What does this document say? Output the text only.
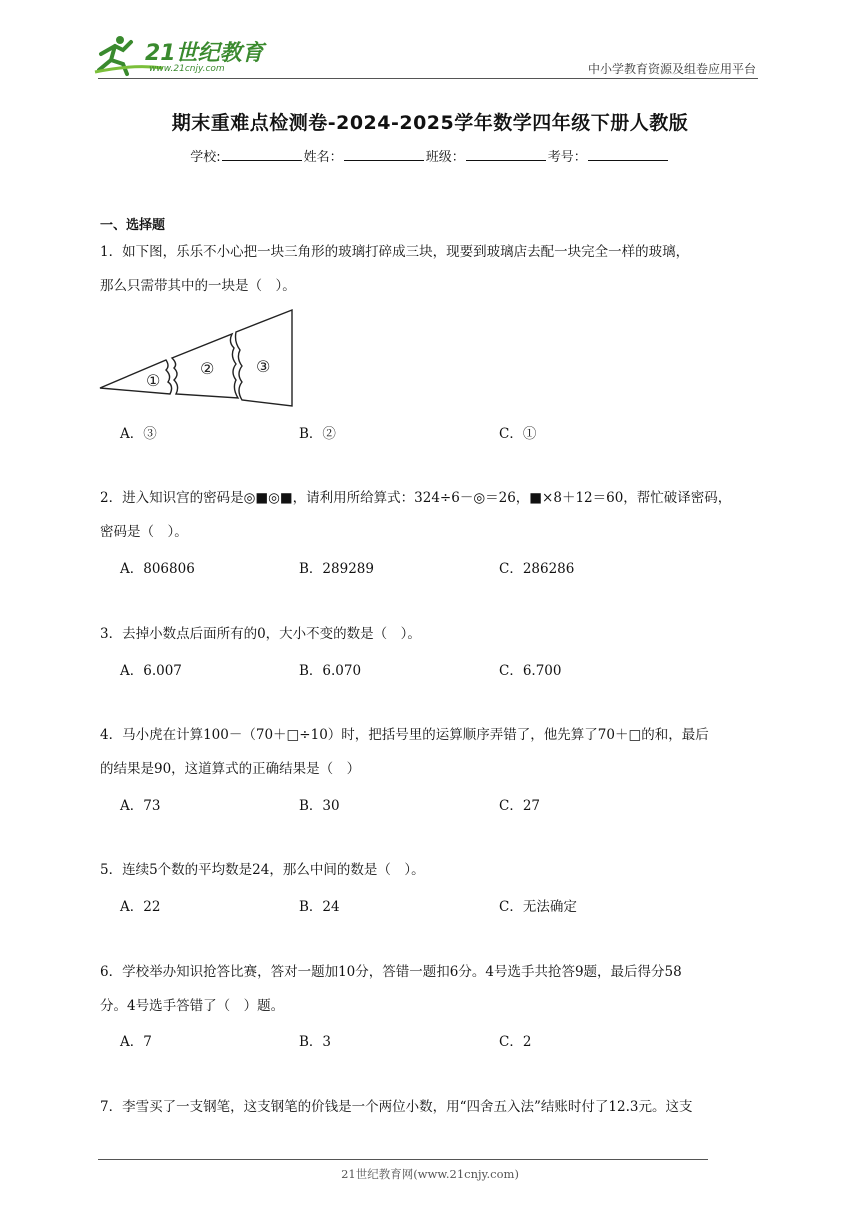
21世纪教育
www.21cnjy.com	中小学教育资源及组卷应用平台
期末重难点检测卷-2024-2025学年数学四年级下册人教版
学校:	姓名：	班级：	考号：
一、选择题
1．如下图，乐乐不小心把一块三角形的玻璃打碎成三块，现要到玻璃店去配一块完全一样的玻璃，
那么只需带其中的一块是（　）。
①
②	③
A．③	B．②	C．①
2．进入知识宫的密码是◎■◎■，请利用所给算式：324÷6－◎＝26，■×8＋12＝60，帮忙破译密码，
密码是（　）。
A．806806	B．289289	C．286286
3．去掉小数点后面所有的0，大小不变的数是（　）。
A．6.007	B．6.070	C．6.700
4．马小虎在计算100－（70＋□÷10）时，把括号里的运算顺序弄错了，他先算了70＋□的和，最后
的结果是90，这道算式的正确结果是（　）
A．73	B．30	C．27
5．连续5个数的平均数是24，那么中间的数是（　）。
A．22	B．24	C．无法确定
6．学校举办知识抢答比赛，答对一题加10分，答错一题扣6分。4号选手共抢答9题，最后得分58
分。4号选手答错了（　）题。
A．7	B．3	C．2
7．李雪买了一支钢笔，这支钢笔的价钱是一个两位小数，用“四舍五入法”结账时付了12.3元。这支
21世纪教育网(www.21cnjy.com)
